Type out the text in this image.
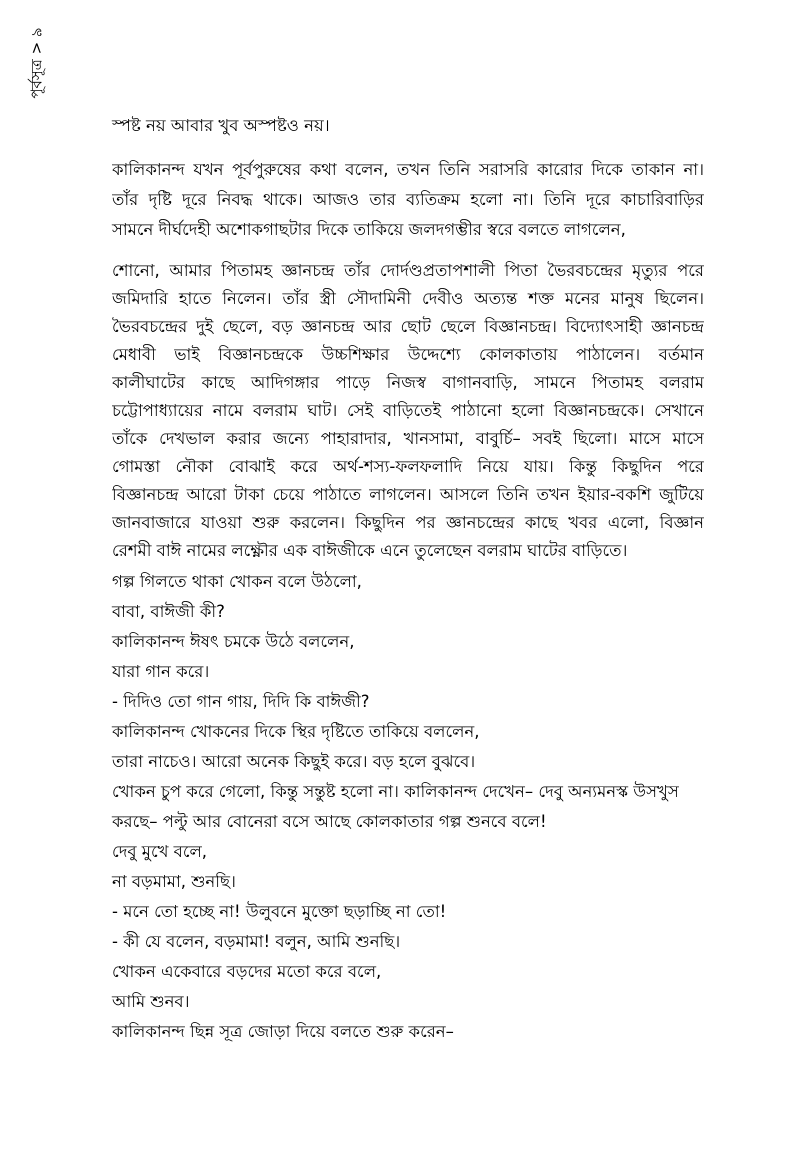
পূর্বসূত্র > ৯
স্পষ্ট নয় আবার খুব অস্পষ্টও নয়।
কালিকানন্দ যখন পূর্বপুরুষের কথা বলেন, তখন তিনি সরাসরি কারোর দিকে তাকান না।
তাঁর দৃষ্টি দূরে নিবদ্ধ থাকে। আজও তার ব্যতিক্রম হলো না। তিনি দূরে কাচারিবাড়ির
সামনে দীর্ঘদেহী অশোকগাছটার দিকে তাকিয়ে জলদগম্ভীর স্বরে বলতে লাগলেন,
শোনো, আমার পিতামহ জ্ঞানচন্দ্র তাঁর দোর্দণ্ডপ্রতাপশালী পিতা ভৈরবচন্দ্রের মৃত্যুর পরে
জমিদারি হাতে নিলেন। তাঁর স্ত্রী সৌদামিনী দেবীও অত্যন্ত শক্ত মনের মানুষ ছিলেন।
ভৈরবচন্দ্রের দুই ছেলে, বড় জ্ঞানচন্দ্র আর ছোট ছেলে বিজ্ঞানচন্দ্র। বিদ্যোৎসাহী জ্ঞানচন্দ্র
মেধাবী ভাই বিজ্ঞানচন্দ্রকে উচ্চশিক্ষার উদ্দেশ্যে কোলকাতায় পাঠালেন। বর্তমান
কালীঘাটের কাছে আদিগঙ্গার পাড়ে নিজস্ব বাগানবাড়ি, সামনে পিতামহ বলরাম
চট্টোপাধ্যায়ের নামে বলরাম ঘাট। সেই বাড়িতেই পাঠানো হলো বিজ্ঞানচন্দ্রকে। সেখানে
তাঁকে দেখভাল করার জন্যে পাহারাদার, খানসামা, বাবুর্চি– সবই ছিলো। মাসে মাসে
গোমস্তা নৌকা বোঝাই করে অর্থ-শস্য-ফলফলাদি নিয়ে যায়। কিন্তু কিছুদিন পরে
বিজ্ঞানচন্দ্র আরো টাকা চেয়ে পাঠাতে লাগলেন। আসলে তিনি তখন ইয়ার-বকশি জুটিয়ে
জানবাজারে যাওয়া শুরু করলেন। কিছুদিন পর জ্ঞানচন্দ্রের কাছে খবর এলো, বিজ্ঞান
রেশমী বাঈ নামের লক্ষ্ণৌর এক বাঈজীকে এনে তুলেছেন বলরাম ঘাটের বাড়িতে।
গল্প গিলতে থাকা খোকন বলে উঠলো,
বাবা, বাঈজী কী?
কালিকানন্দ ঈষৎ চমকে উঠে বললেন,
যারা গান করে।
- দিদিও তো গান গায়, দিদি কি বাঈজী?
কালিকানন্দ খোকনের দিকে স্থির দৃষ্টিতে তাকিয়ে বললেন,
তারা নাচেও। আরো অনেক কিছুই করে। বড় হলে বুঝবে।
খোকন চুপ করে গেলো, কিন্তু সন্তুষ্ট হলো না। কালিকানন্দ দেখেন– দেবু অন্যমনস্ক উসখুস
করছে– পল্টু আর বোনেরা বসে আছে কোলকাতার গল্প শুনবে বলে!
দেবু মুখে বলে,
না বড়মামা, শুনছি।
- মনে তো হচ্ছে না! উলুবনে মুক্তো ছড়াচ্ছি না তো!
- কী যে বলেন, বড়মামা! বলুন, আমি শুনছি।
খোকন একেবারে বড়দের মতো করে বলে,
আমি শুনব।
কালিকানন্দ ছিন্ন সূত্র জোড়া দিয়ে বলতে শুরু করেন–
